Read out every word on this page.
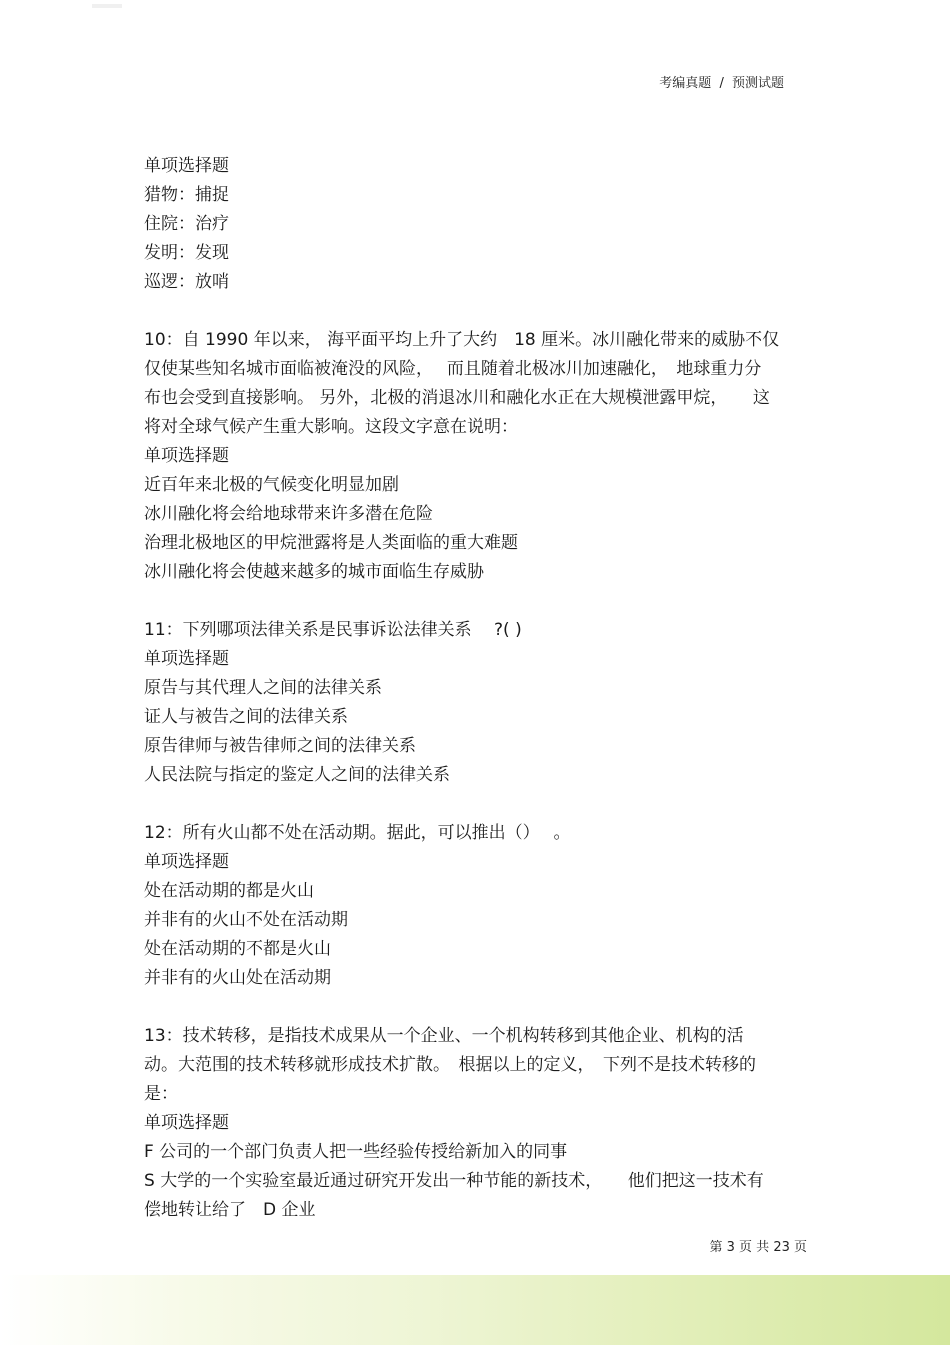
考编真题 / 预测试题
单项选择题
猎物：捕捉
住院：治疗
发明：发现
巡逻：放哨
10：自 1990 年以来， 海平面平均上升了大约　18 厘米。冰川融化带来的威胁不仅
仅使某些知名城市面临被淹没的风险，　 而且随着北极冰川加速融化，　地球重力分
布也会受到直接影响。 另外，北极的消退冰川和融化水正在大规模泄露甲烷，　　这
将对全球气候产生重大影响。这段文字意在说明：
单项选择题
近百年来北极的气候变化明显加剧
冰川融化将会给地球带来许多潜在危险
治理北极地区的甲烷泄露将是人类面临的重大难题
冰川融化将会使越来越多的城市面临生存威胁
11：下列哪项法律关系是民事诉讼法律关系　 ?( )
单项选择题
原告与其代理人之间的法律关系
证人与被告之间的法律关系
原告律师与被告律师之间的法律关系
人民法院与指定的鉴定人之间的法律关系
12：所有火山都不处在活动期。据此，可以推出（）　 。
单项选择题
处在活动期的都是火山
并非有的火山不处在活动期
处在活动期的不都是火山
并非有的火山处在活动期
13：技术转移，是指技术成果从一个企业、一个机构转移到其他企业、机构的活
动。大范围的技术转移就形成技术扩散。　根据以上的定义，　下列不是技术转移的
是：
单项选择题
F 公司的一个部门负责人把一些经验传授给新加入的同事
S 大学的一个实验室最近通过研究开发出一种节能的新技术，　　他们把这一技术有
偿地转让给了　D 企业
第 3 页 共 23 页
